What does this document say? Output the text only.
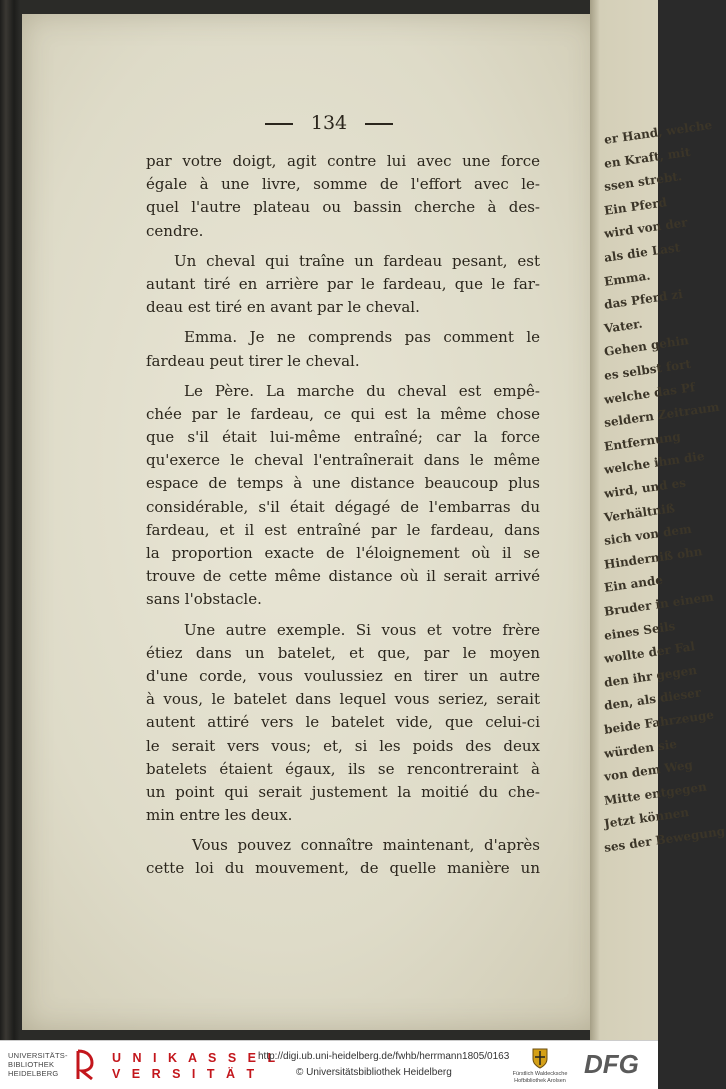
er Hand, welche
en Kraft, mit
ssen strebt.
Ein Pferd
wird von der
als die Last
Emma.
das Pferd zi
Vater.
Gehen gehin
es selbst fort
welche das Pf
seldern Zeitraum
Entfernung
welche ihm die
wird, und es
Verhältniß
sich von dem
Hinderniß ohn
Ein ande
Bruder in einem
eines Seils
wollte der Fal
den ihr gegen
den, als dieser
beide Fahrzeuge
würden sie
von dem Weg
Mitte entgegen
Jetzt können
ses der Bewegung
134
par votre doigt, agit contre lui avec une force
égale à une livre, somme de l'effort avec le-
quel l'autre plateau ou bassin cherche à des-
cendre.
Un cheval qui traîne un fardeau pesant, est
autant tiré en arrière par le fardeau, que le far-
deau est tiré en avant par le cheval.
Emma. Je ne comprends pas comment le
fardeau peut tirer le cheval.
Le Père. La marche du cheval est empê-
chée par le fardeau, ce qui est la même chose
que s'il était lui-même entraîné; car la force
qu'exerce le cheval l'entraînerait dans le même
espace de temps à une distance beaucoup plus
considérable, s'il était dégagé de l'embarras du
fardeau, et il est entraîné par le fardeau, dans
la proportion exacte de l'éloignement où il se
trouve de cette même distance où il serait arrivé
sans l'obstacle.
Une autre exemple. Si vous et votre frère
étiez dans un batelet, et que, par le moyen
d'une corde, vous voulussiez en tirer un autre
à vous, le batelet dans lequel vous seriez, serait
autent attiré vers le batelet vide, que celui-ci
le serait vers vous; et, si les poids des deux
batelets étaient égaux, ils se rencontreraint à
un point qui serait justement la moitié du che-
min entre les deux.
Vous pouvez connaître maintenant, d'après
cette loi du mouvement, de quelle manière un
UNIVERSITÄTS-
BIBLIOTHEK
HEIDELBERG
U N I K A S S E L
V E R S I T Ä T
http://digi.ub.uni-heidelberg.de/fwhb/herrmann1805/0163
© Universitätsbibliothek Heidelberg	Fürstlich Waldecksche
Hofbibliothek Arolsen
DFG
